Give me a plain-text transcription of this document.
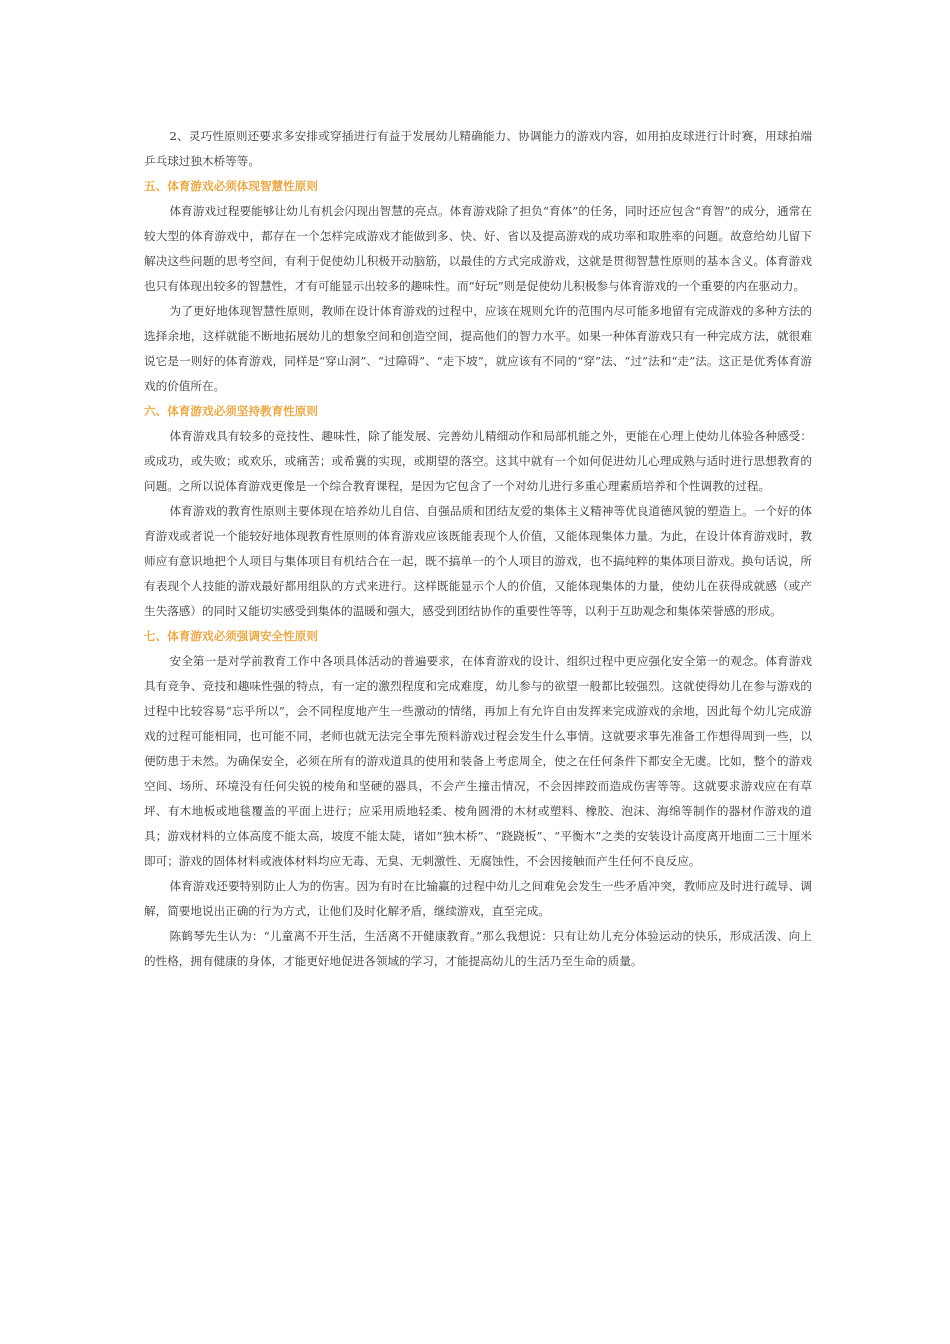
2、灵巧性原则还要求多安排或穿插进行有益于发展幼儿精确能力、协调能力的游戏内容，如用拍皮球进行计时赛，用球拍端乒乓球过独木桥等等。

五、体育游戏必须体现智慧性原则

体育游戏过程要能够让幼儿有机会闪现出智慧的亮点。体育游戏除了担负“育体”的任务，同时还应包含“育智”的成分，通常在较大型的体育游戏中，都存在一个怎样完成游戏才能做到多、快、好、省以及提高游戏的成功率和取胜率的问题。故意给幼儿留下解决这些问题的思考空间，有利于促使幼儿积极开动脑筋，以最佳的方式完成游戏，这就是贯彻智慧性原则的基本含义。体育游戏也只有体现出较多的智慧性，才有可能显示出较多的趣味性。而“好玩”则是促使幼儿积极参与体育游戏的一个重要的内在驱动力。

为了更好地体现智慧性原则，教师在设计体育游戏的过程中，应该在规则允许的范围内尽可能多地留有完成游戏的多种方法的选择余地，这样就能不断地拓展幼儿的想象空间和创造空间，提高他们的智力水平。如果一种体育游戏只有一种完成方法，就很难说它是一则好的体育游戏，同样是“穿山洞”、“过障碍”、“走下坡”，就应该有不同的“穿”法、“过”法和“走”法。这正是优秀体育游戏的价值所在。

六、体育游戏必须坚持教育性原则

体育游戏具有较多的竞技性、趣味性，除了能发展、完善幼儿精细动作和局部机能之外，更能在心理上使幼儿体验各种感受：或成功，或失败；或欢乐，或痛苦；或希冀的实现，或期望的落空。这其中就有一个如何促进幼儿心理成熟与适时进行思想教育的问题。之所以说体育游戏更像是一个综合教育课程，是因为它包含了一个对幼儿进行多重心理素质培养和个性调教的过程。

体育游戏的教育性原则主要体现在培养幼儿自信、自强品质和团结友爱的集体主义精神等优良道德风貌的塑造上。一个好的体育游戏或者说一个能较好地体现教育性原则的体育游戏应该既能表现个人价值，又能体现集体力量。为此，在设计体育游戏时，教师应有意识地把个人项目与集体项目有机结合在一起，既不搞单一的个人项目的游戏，也不搞纯粹的集体项目游戏。换句话说，所有表现个人技能的游戏最好都用组队的方式来进行。这样既能显示个人的价值，又能体现集体的力量，使幼儿在获得成就感（或产生失落感）的同时又能切实感受到集体的温暖和强大，感受到团结协作的重要性等等，以利于互助观念和集体荣誉感的形成。

七、体育游戏必须强调安全性原则

安全第一是对学前教育工作中各项具体活动的普遍要求，在体育游戏的设计、组织过程中更应强化安全第一的观念。体育游戏具有竞争、竞技和趣味性强的特点，有一定的激烈程度和完成难度，幼儿参与的欲望一般都比较强烈。这就使得幼儿在参与游戏的过程中比较容易“忘乎所以”，会不同程度地产生一些激动的情绪，再加上有允许自由发挥来完成游戏的余地，因此每个幼儿完成游戏的过程可能相同，也可能不同，老师也就无法完全事先预料游戏过程会发生什么事情。这就要求事先准备工作想得周到一些，以便防患于未然。为确保安全，必须在所有的游戏道具的使用和装备上考虑周全，使之在任何条件下都安全无虞。比如，整个的游戏空间、场所、环境没有任何尖锐的棱角和坚硬的器具，不会产生撞击情况，不会因摔跤而造成伤害等等。这就要求游戏应在有草坪、有木地板或地毯覆盖的平面上进行；应采用质地轻柔、棱角圆滑的木材或塑料、橡胶、泡沫、海绵等制作的器材作游戏的道具；游戏材料的立体高度不能太高，坡度不能太陡，诸如“独木桥”、“跷跷板”、“平衡木”之类的安装设计高度离开地面二三十厘米即可；游戏的固体材料或液体材料均应无毒、无臭、无刺激性、无腐蚀性，不会因接触而产生任何不良反应。

体育游戏还要特别防止人为的伤害。因为有时在比输赢的过程中幼儿之间难免会发生一些矛盾冲突，教师应及时进行疏导、调解，简要地说出正确的行为方式，让他们及时化解矛盾，继续游戏，直至完成。

陈鹤琴先生认为：“儿童离不开生活，生活离不开健康教育。”那么我想说：只有让幼儿充分体验运动的快乐，形成活泼、向上的性格，拥有健康的身体，才能更好地促进各领域的学习，才能提高幼儿的生活乃至生命的质量。
